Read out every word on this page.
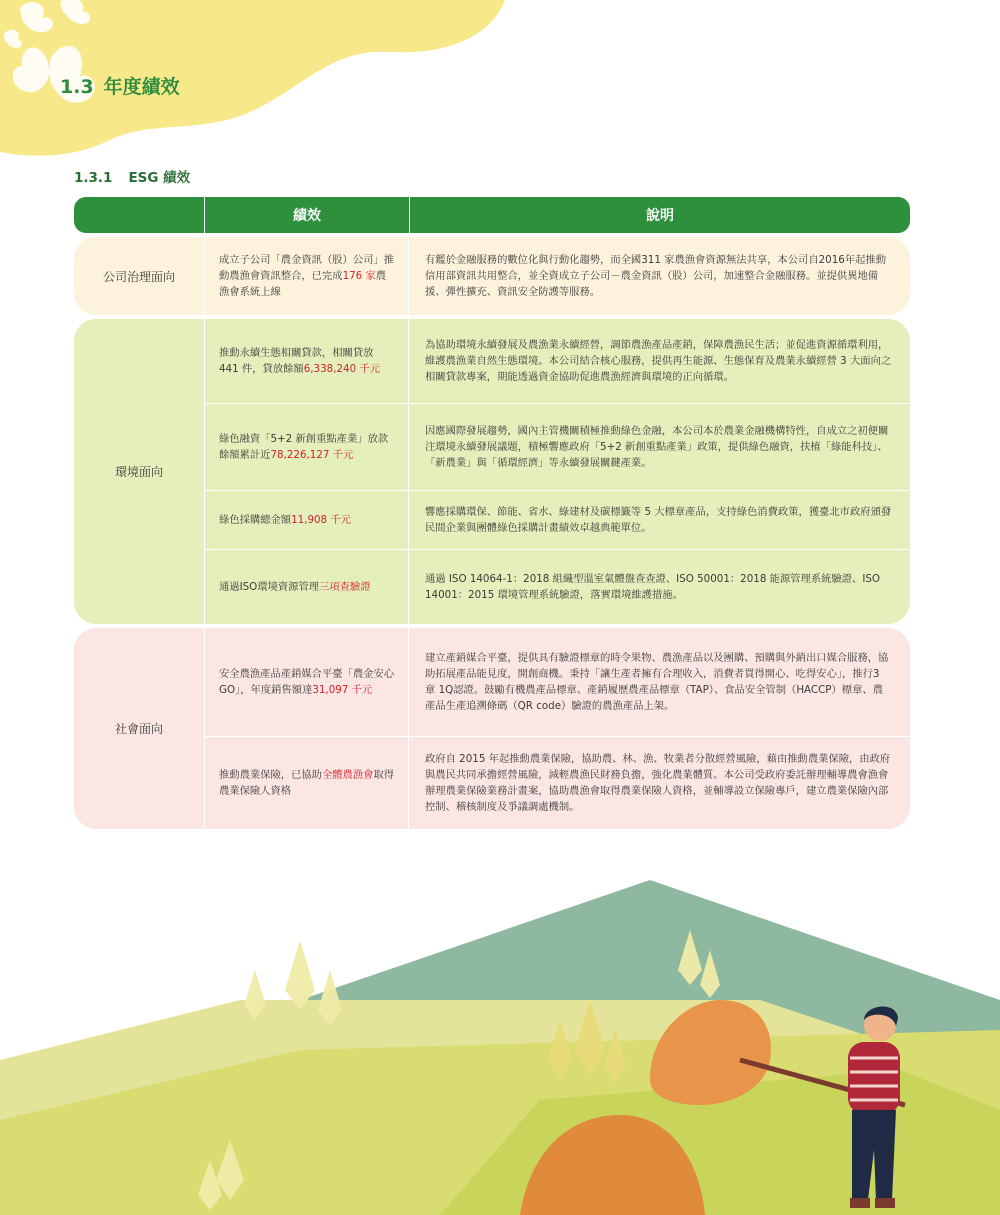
1.3 年度績效
1.3.1 ESG 績效
績效	說明
公司治理面向
成立子公司「農金資訊（股）公司」推動農漁會資訊整合，已完成176 家農漁會系統上線
有鑑於金融服務的數位化與行動化趨勢，而全國311 家農漁會資源無法共享，本公司自2016年起推動信用部資訊共用整合，並全資成立子公司－農金資訊（股）公司，加速整合金融服務。並提供異地備援、彈性擴充、資訊安全防護等服務。
環境面向
推動永續生態相關貸款，相關貸放 441 件，貸放餘額6,338,240 千元
為協助環境永續發展及農漁業永續經營，調節農漁產品產銷，保障農漁民生活；並促進資源循環利用，維護農漁業自然生態環境。本公司結合核心服務，提供再生能源、生態保育及農業永續經營 3 大面向之相關貸款專案，期能透過資金協助促進農漁經濟與環境的正向循環。
綠色融資「5+2 新創重點產業」放款餘額累計近78,226,127 千元
因應國際發展趨勢，國內主管機關積極推動綠色金融，本公司本於農業金融機構特性，自成立之初便關注環境永續發展議題，積極響應政府「5+2 新創重點產業」政策，提供綠色融資，扶植「綠能科技」、「新農業」與「循環經濟」等永續發展關鍵產業。
綠色採購總金額11,908 千元
響應採購環保、節能、省水、綠建材及碳標籤等 5 大標章產品，支持綠色消費政策，獲臺北市政府頒發民間企業與團體綠色採購計畫績效卓越典範單位。
通過ISO環境資源管理三項查驗證
通過 ISO 14064-1：2018 組織型溫室氣體盤查查證、ISO 50001：2018 能源管理系統驗證、ISO 14001：2015 環境管理系統驗證，落實環境維護措施。
社會面向
安全農漁產品產銷媒合平臺「農金安心GO」，年度銷售額達31,097 千元
建立產銷媒合平臺，提供具有驗證標章的時令果物、農漁產品以及團購、預購與外銷出口媒合服務，協助拓展產品能見度，開創商機。秉持「讓生產者擁有合理收入，消費者買得開心、吃得安心」，推行3 章 1Q認證。鼓勵有機農產品標章、產銷履歷農產品標章（TAP）、食品安全管制（HACCP）標章、農產品生產追溯條碼（QR code）驗證的農漁產品上架。
推動農業保險，已協助全體農漁會取得農業保險人資格
政府自 2015 年起推動農業保險，協助農、林、漁、牧業者分散經營風險，藉由推動農業保險，由政府與農民共同承擔經營風險，減輕農漁民財務負擔，強化農業體質。本公司受政府委託辦理輔導農會漁會辦理農業保險業務計畫案，協助農漁會取得農業保險人資格，並輔導設立保險專戶，建立農業保險內部控制、稽核制度及爭議調處機制。
